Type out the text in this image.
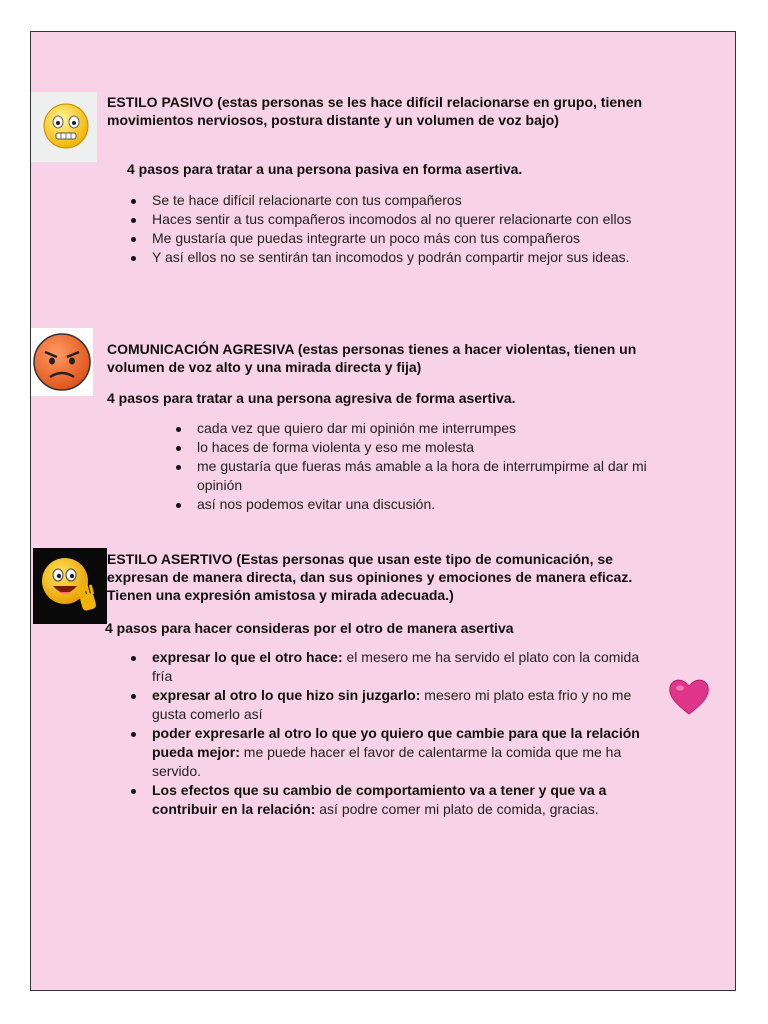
ESTILO PASIVO (estas personas se les hace difícil relacionarse en grupo, tienen movimientos nerviosos, postura distante y un volumen de voz bajo)
4 pasos para tratar a una persona pasiva en forma asertiva.
Se te hace difícil relacionarte con tus compañeros
Haces sentir a tus compañeros incomodos al no querer relacionarte con ellos
Me gustaría que puedas integrarte un poco más con tus compañeros
Y así ellos no se sentirán tan incomodos y podrán compartir mejor sus ideas.
COMUNICACIÓN AGRESIVA (estas personas tienes a hacer violentas, tienen un volumen de voz alto y una mirada directa y fija)
4 pasos para tratar a una persona agresiva de forma asertiva.
cada vez que quiero dar mi opinión me interrumpes
lo haces de forma violenta y eso me molesta
me gustaría que fueras más amable a la hora de interrumpirme al dar mi opinión
así nos podemos evitar una discusión.
ESTILO ASERTIVO (Estas personas que usan este tipo de comunicación, se expresan de manera directa, dan sus opiniones y emociones de manera eficaz. Tienen una expresión amistosa y mirada adecuada.)
4 pasos para hacer consideras por el otro de manera asertiva
expresar lo que el otro hace: el mesero me ha servido el plato con la comida fría
expresar al otro lo que hizo sin juzgarlo: mesero mi plato esta frio y no me gusta comerlo así
poder expresarle al otro lo que yo quiero que cambie para que la relación pueda mejor: me puede hacer el favor de calentarme la comida que me ha servido.
Los efectos que su cambio de comportamiento va a tener y que va a contribuir en la relación: así podre comer mi plato de comida, gracias.
